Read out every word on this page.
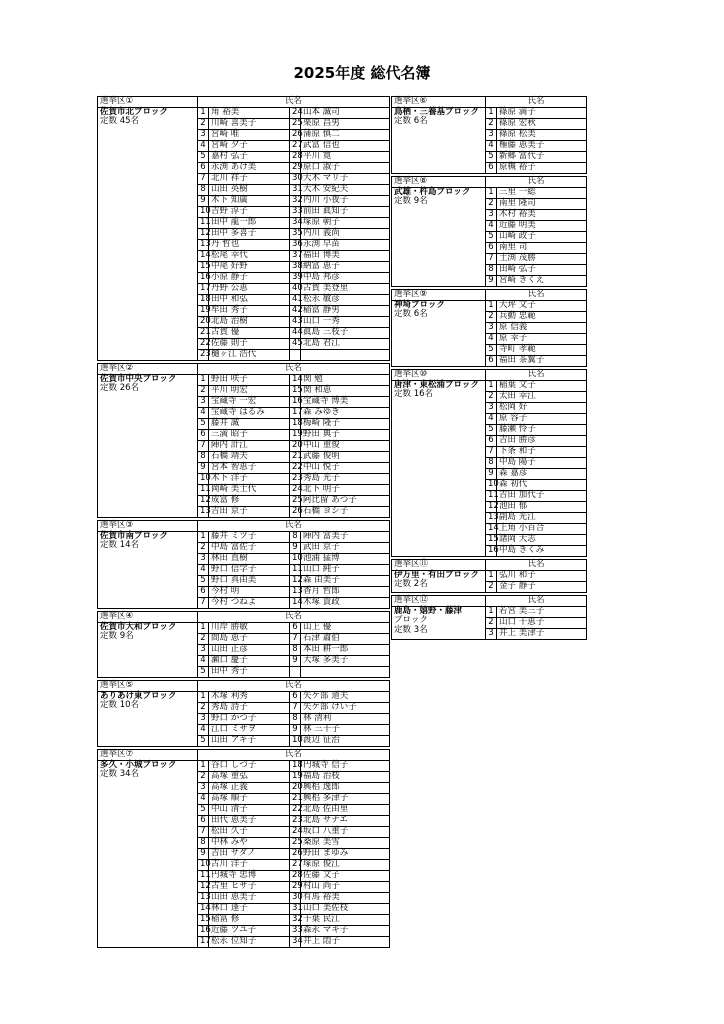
2025年度 総代名簿
選挙区①	氏名			

佐賀市北ブロック
定数 45名	1	角 裕美	24	山本 誠司
	2	川崎 喜美子	25	栗原 昌男
	3	宮崎 唯	26	蒲原 慎二
	4	宮崎 夕子	27	武富 信也
	5	嘉村 弘子	28	平川 寛
	6	永渕 あけ美	29	原口 淑子
	7	北川 祥子	30	大木 マリ子
	8	山田 英樹	31	大木 安紀夫
	9	木下 知廣	32	内川 小夜子
	10	吉野 淳子	33	前田 眞知子
	11	田中 龍一郎	34	塚原 朝子
	12	田中 多喜子	35	内川 義尚
	13	丹 哲也	36	永渕 早苗
	14	松尾 幸代	37	福田 博美
	15	中尾 好野	38	納富 恵子
	16	小原 静子	39	中島 邦彦
	17	丹野 公恵	40	古賀 美登里
	18	田中 和弘	41	松永 敏彦
	19	牟田 秀子	42	稲富 静男
	20	北島 治樹	43	山口 一秀
	21	古賀 優	44	眞島 三枝子
	22	佐藤 則子	45	北島 君江
	23	樋ヶ江 浩代		
選挙区②	氏名			

佐賀市中央ブロック
定数 26名	1	野田 咲子	14	関 勉
	2	平川 明宏	15	関 和恵
	3	宝蔵寺 一宏	16	宝蔵寺 博美
	4	宝蔵寺 はるみ	17	森 みゆき
	5	藤井 誠	18	梅崎 隆子
	6	三満 昭子	19	野田 典子
	7	陣内 計江	20	中山 重俊
	8	石橋 靖夫	21	武藤 俊明
	9	宮本 智恵子	22	中山 悦子
	10	木下 洋子	23	秀島 光子
	11	岡崎 美士代	24	北下 明子
	12	成富 修	25	阿比留 あつ子
	13	吉田 京子	26	石橋 ヨシ子
選挙区③	氏名			

佐賀市南ブロック
定数 14名	1	藤井 ミツ子	8	陣内 富美子
	2	中島 富佐子	9	武田 京子
	3	林田 直樹	10	池浦 猛博
	4	野口 信学子	11	山口 純子
	5	野口 真由美	12	森 由美子
	6	今村 明	13	香月 哲郎
	7	今村 つねよ	14	木塚 貴政
選挙区④	氏名			

佐賀市大和ブロック
定数 9名	1	川岸 勝敏	6	山上 優
	2	間島 恵子	7	石津 肅伯
	3	山田 正彦	8	本田 耕一郎
	4	瀬口 慶子	9	大塚 多美子
	5	田中 秀子		
選挙区⑤	氏名			

ありあけ東ブロック
定数 10名	1	木塚 利秀	6	矢ケ部 道夫
	2	秀島 詩子	7	矢ケ部 けい子
	3	野口 かつ子	8	林 清利
	4	江口 ミサヲ	9	林 三千子
	5	山田 アキ子	10	渡辺 征治
選挙区⑦	氏名			

多久・小城ブロック
定数 34名	1	谷口 しづ子	18	円城寺 信子
	2	高塚 重弘	19	福島 治枝
	3	高塚 正義	20	興梠 逸郎
	4	高塚 順子	21	興梠 多津子
	5	中山 清子	22	北島 佐由里
	6	田代 恵美子	23	北島 サナエ
	7	松田 久子	24	坂口 八重子
	8	中林 みや	25	桑原 美雪
	9	吉田 サダノ	26	野田 まゆみ
	10	古川 洋子	27	塚原 俊江
	11	円城寺 忠博	28	佐藤 文子
	12	古里 ヒサ子	29	村山 尚子
	13	山田 恵美子	30	有馬 裕美
	14	林口 逢子	31	山口 美佐枝
	15	稲冨 修	32	千葉 民江
	16	近藤 ツユ子	33	森永 マキ子
	17	松永 位知子	34	井上 悶子
選挙区⑥	氏名	

鳥栖・三養基ブロック
定数 6名	1	篠原 満子
	2	篠原 宏秋
	3	篠原 松美
	4	権藤 恵美子
	5	新郷 富代子
	6	原槻 裕子
選挙区⑧	氏名	

武雄・杵島ブロック
定数 9名	1	三里 一総
	2	南里 隆司
	3	木村 裕美
	4	近藤 明美
	5	山崎 政子
	6	南里 司
	7	土渕 茂勝
	8	田崎 弘子
	9	宮崎 きくえ
選挙区⑨	氏名	

神埼ブロック
定数 6名	1	大坪 文子
	2	兵動 忠範
	3	原 信義
	4	原 幸子
	5	寺町 孝範
	6	福田 茶翼子
選挙区⑩	氏名	

唐津・東松浦ブロック
定数 16名	1	稲葉 文子
	2	太田 幸江
	3	松岡 好
	4	原 容子
	5	藤瀬 怜子
	6	吉田 勝彦
	7	下条 和子
	8	中島 陽子
	9	森 嘉彦
	10	森 初代
	11	吉田 加代子
	12	池田 郁
	13	副島 光江
	14	上角 小百合
	15	諸岡 大志
	16	中島 きくみ
選挙区⑪	氏名	

伊万里・有田ブロック
定数 2名	1	弘川 和子
	2	金子 静子
選挙区⑫	氏名	

鹿島・嬉野・藤津
ブロック
定数 3名	1	若宮 美三子
	2	山口 千恵子
	3	井上 美津子
